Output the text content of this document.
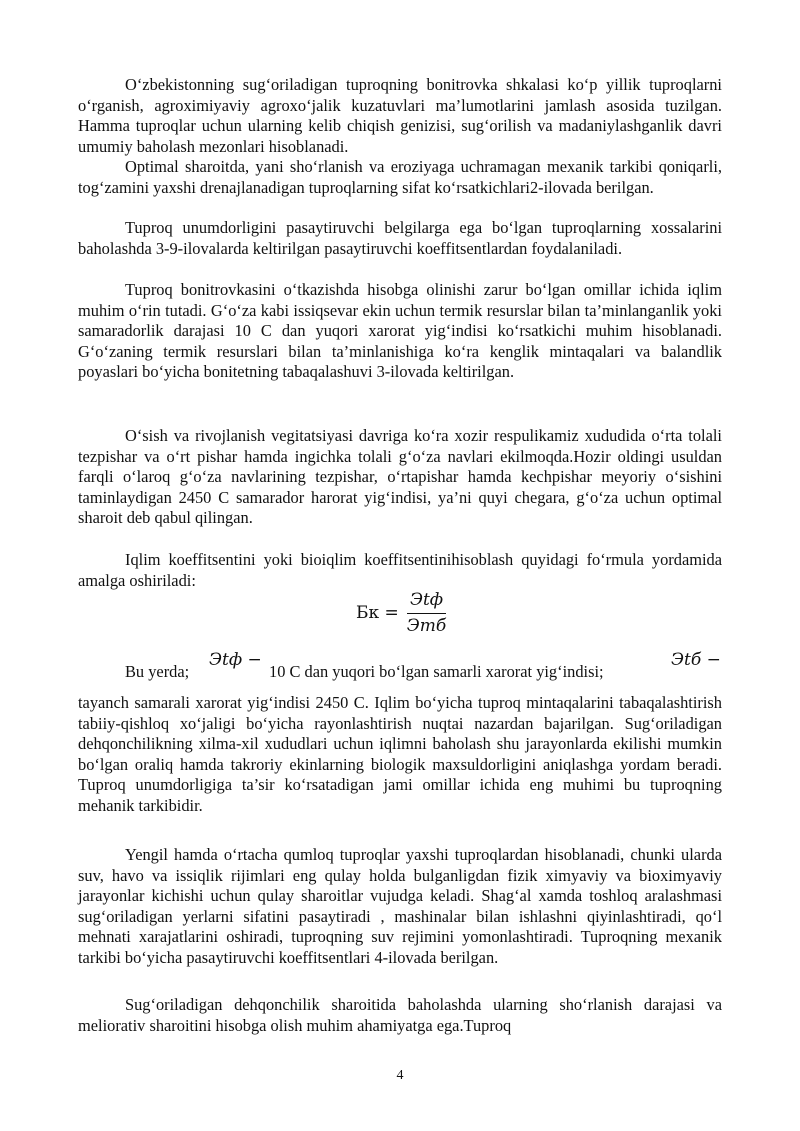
O‘zbekistonning sug‘oriladigan tuproqning bonitrovka shkalasi ko‘p yillik tuproqlarni o‘rganish, agroximiyaviy agroxo‘jalik kuzatuvlari ma’lumotlarini jamlash asosida tuzilgan. Hamma tuproqlar uchun ularning kelib chiqish genizisi, sug‘orilish va madaniylashganlik davri umumiy baholash mezonlari hisoblanadi.

Optimal sharoitda, yani sho‘rlanish va eroziyaga uchramagan mexanik tarkibi qoniqarli, tog‘zamini yaxshi drenajlanadigan tuproqlarning sifat ko‘rsatkichlari2-ilovada berilgan.

Tuproq unumdorligini pasaytiruvchi belgilarga ega bo‘lgan tuproqlarning xossalarini baholashda 3-9-ilovalarda keltirilgan pasaytiruvchi koeffitsentlardan foydalaniladi.

Tuproq bonitrovkasini o‘tkazishda hisobga olinishi zarur bo‘lgan omillar ichida iqlim muhim o‘rin tutadi. G‘o‘za kabi issiqsevar ekin uchun termik resurslar bilan ta’minlanganlik yoki samaradorlik darajasi 10 C dan yuqori xarorat yig‘indisi ko‘rsatkichi muhim hisoblanadi. G‘o‘zaning termik resurslari bilan ta’minlanishiga ko‘ra kenglik mintaqalari va balandlik poyaslari bo‘yicha bonitetning tabaqalashuvi 3-ilovada keltirilgan.

O‘sish va rivojlanish vegitatsiyasi davriga ko‘ra xozir respulikamiz xududida o‘rta tolali tezpishar va o‘rt pishar hamda ingichka tolali g‘o‘za navlari ekilmoqda.Hozir oldingi usuldan farqli o‘laroq g‘o‘za navlarining tezpishar, o‘rtapishar hamda kechpishar meyoriy o‘sishini taminlaydigan 2450 C samarador harorat yig‘indisi, ya’ni quyi chegara, g‘o‘za uchun optimal sharoit deb qabul qilingan.

Iqlim koeffitsentini yoki bioiqlim koeffitsentinihisoblash quyidagi fo‘rmula yordamida amalga oshiriladi:

Бк = $\frac{\text{Эtф}}{\text{Этб}}$
Bu yerda;
Эtф −
10 C dan yuqori bo‘lgan samarli xarorat yig‘indisi;
Эtб −

tayanch samarali xarorat yig‘indisi 2450 C. Iqlim bo‘yicha tuproq mintaqalarini tabaqalashtirish tabiiy-qishloq xo‘jaligi bo‘yicha rayonlashtirish nuqtai nazardan bajarilgan. Sug‘oriladigan dehqonchilikning xilma-xil xududlari uchun iqlimni baholash shu jarayonlarda ekilishi mumkin bo‘lgan oraliq hamda takroriy ekinlarning biologik maxsuldorligini aniqlashga yordam beradi. Tuproq unumdorligiga ta’sir ko‘rsatadigan jami omillar ichida eng muhimi bu tuproqning mehanik tarkibidir.

Yengil hamda o‘rtacha qumloq tuproqlar yaxshi tuproqlardan hisoblanadi, chunki ularda suv, havo va issiqlik rijimlari eng qulay holda bulganligdan fizik ximyaviy va bioximyaviy jarayonlar kichishi uchun qulay sharoitlar vujudga keladi. Shag‘al xamda toshloq aralashmasi sug‘oriladigan yerlarni sifatini pasaytiradi , mashinalar bilan ishlashni qiyinlashtiradi, qo‘l mehnati xarajatlarini oshiradi, tuproqning suv rejimini yomonlashtiradi. Tuproqning mexanik tarkibi bo‘yicha pasaytiruvchi koeffitsentlari 4-ilovada berilgan.

Sug‘oriladigan dehqonchilik sharoitida baholashda ularning sho‘rlanish darajasi va meliorativ sharoitini hisobga olish muhim ahamiyatga ega.Tuproq

4
